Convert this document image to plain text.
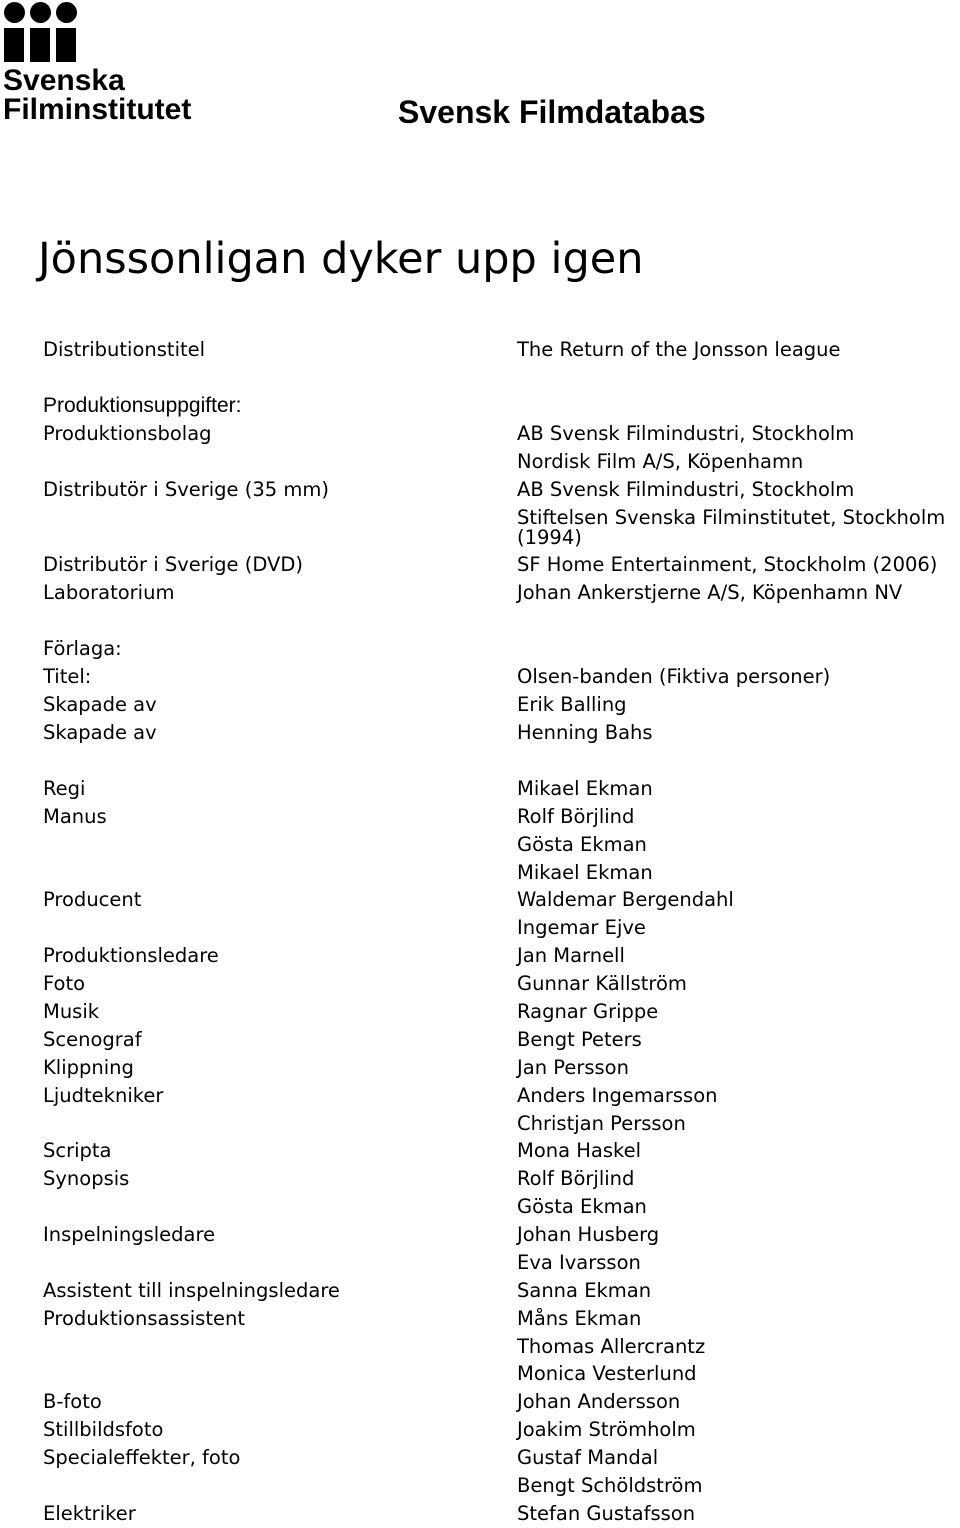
Svenska
Filminstitutet	Svensk Filmdatabas
Jönssonligan dyker upp igen
Distributionstitel	The Return of the Jonsson league
Produktionsuppgifter:
Produktionsbolag	AB Svensk Filmindustri, Stockholm
Nordisk Film A/S, Köpenhamn
Distributör i Sverige (35 mm)	AB Svensk Filmindustri, Stockholm
Stiftelsen Svenska Filminstitutet, Stockholm
(1994)
Distributör i Sverige (DVD)	SF Home Entertainment, Stockholm (2006)
Laboratorium	Johan Ankerstjerne A/S, Köpenhamn NV
Förlaga:
Titel:	Olsen-banden (Fiktiva personer)
Skapade av	Erik Balling
Skapade av	Henning Bahs
Regi	Mikael Ekman
Manus	Rolf Börjlind
Gösta Ekman
Mikael Ekman
Producent	Waldemar Bergendahl
Ingemar Ejve
Produktionsledare	Jan Marnell
Foto	Gunnar Källström
Musik	Ragnar Grippe
Scenograf	Bengt Peters
Klippning	Jan Persson
Ljudtekniker	Anders Ingemarsson
Christjan Persson
Scripta	Mona Haskel
Synopsis	Rolf Börjlind
Gösta Ekman
Inspelningsledare	Johan Husberg
Eva Ivarsson
Assistent till inspelningsledare	Sanna Ekman
Produktionsassistent	Måns Ekman
Thomas Allercrantz
Monica Vesterlund
B-foto	Johan Andersson
Stillbildsfoto	Joakim Strömholm
Specialeffekter, foto	Gustaf Mandal
Bengt Schöldström
Elektriker	Stefan Gustafsson
